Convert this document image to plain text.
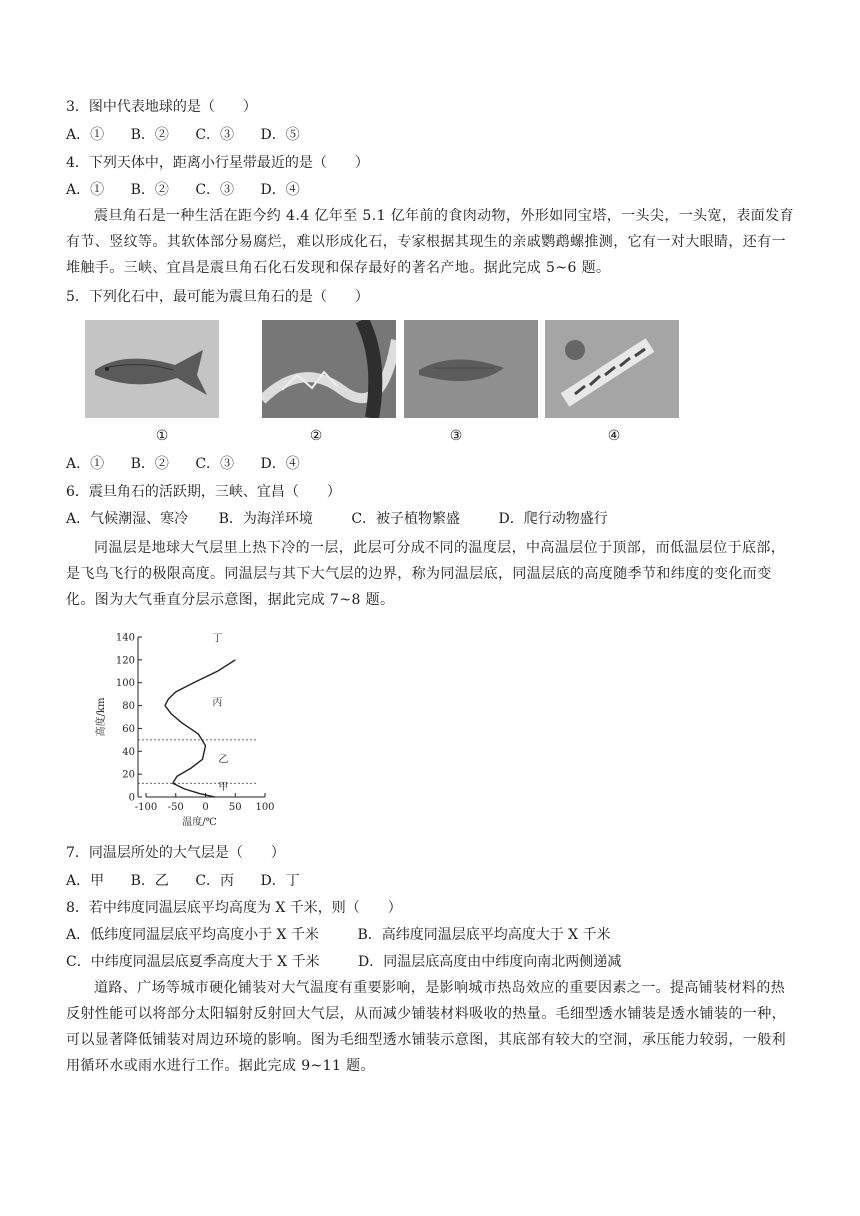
3．图中代表地球的是（　　）
A．① B．② C．③ D．⑤
4．下列天体中，距离小行星带最近的是（　　）
A．① B．② C．③ D．④
震旦角石是一种生活在距今约 4.4 亿年至 5.1 亿年前的食肉动物，外形如同宝塔，一头尖，一头宽，表面发育有节、竖纹等。其软体部分易腐烂，难以形成化石，专家根据其现生的亲戚鹦鹉螺推测，它有一对大眼睛，还有一堆触手。三峡、宜昌是震旦角石化石发现和保存最好的著名产地。据此完成 5~6 题。
5．下列化石中，最可能为震旦角石的是（　　）
①	②	③	④
A．① B．② C．③ D．④
6．震旦角石的活跃期，三峡、宜昌（　　）
A．气候潮湿、寒冷 B．为海洋环境	C．被子植物繁盛	D．爬行动物盛行
同温层是地球大气层里上热下冷的一层，此层可分成不同的温度层，中高温层位于顶部，而低温层位于底部，是飞鸟飞行的极限高度。同温层与其下大气层的边界，称为同温层底，同温层底的高度随季节和纬度的变化而变化。图为大气垂直分层示意图，据此完成 7~8 题。
0
20
40
60
80
100
120
140
-100 -50 0 50 100
甲
乙
丙
丁
温度/℃
高度/km
7．同温层所处的大气层是（　　）
A．甲 B．乙 C．丙 D．丁
8．若中纬度同温层底平均高度为 X 千米，则（　　）
A．低纬度同温层底平均高度小于 X 千米	B．高纬度同温层底平均高度大于 X 千米
C．中纬度同温层底夏季高度大于 X 千米	D．同温层底高度由中纬度向南北两侧递减
道路、广场等城市硬化铺装对大气温度有重要影响，是影响城市热岛效应的重要因素之一。提高铺装材料的热反射性能可以将部分太阳辐射反射回大气层，从而减少铺装材料吸收的热量。毛细型透水铺装是透水铺装的一种，可以显著降低铺装对周边环境的影响。图为毛细型透水铺装示意图，其底部有较大的空洞，承压能力较弱，一般利用循环水或雨水进行工作。据此完成 9~11 题。
